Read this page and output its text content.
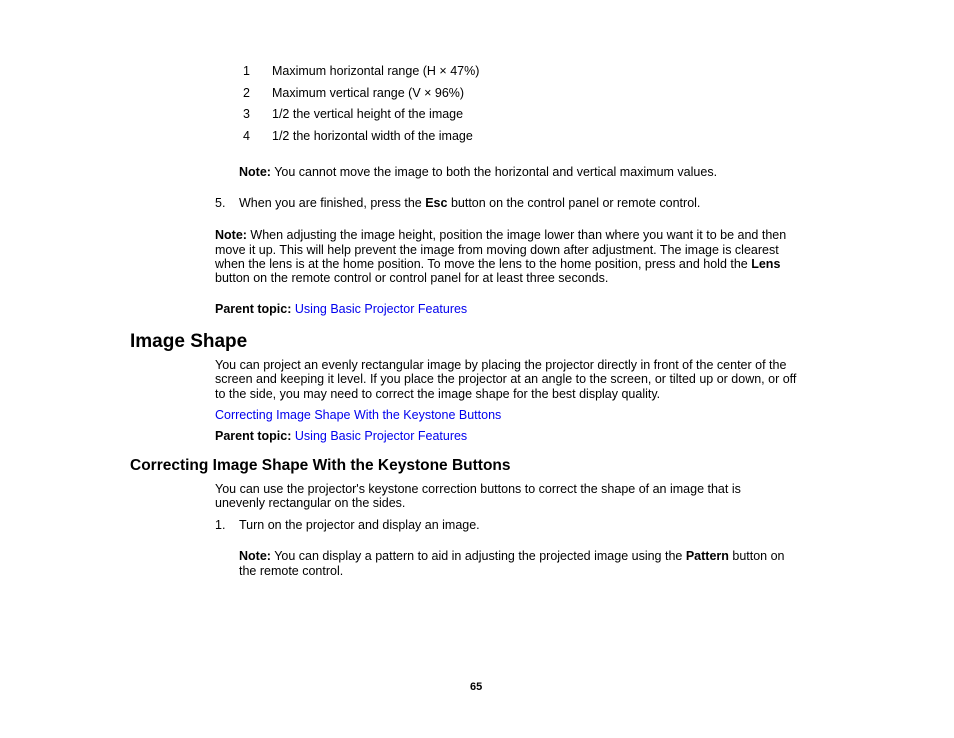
1 Maximum horizontal range (H × 47%)
2 Maximum vertical range (V × 96%)
3 1/2 the vertical height of the image
4 1/2 the horizontal width of the image
Note: You cannot move the image to both the horizontal and vertical maximum values.
5. When you are finished, press the Esc button on the control panel or remote control.
Note: When adjusting the image height, position the image lower than where you want it to be and then
move it up. This will help prevent the image from moving down after adjustment. The image is clearest
when the lens is at the home position. To move the lens to the home position, press and hold the Lens
button on the remote control or control panel for at least three seconds.
Parent topic: Using Basic Projector Features
Image Shape
You can project an evenly rectangular image by placing the projector directly in front of the center of the
screen and keeping it level. If you place the projector at an angle to the screen, or tilted up or down, or off
to the side, you may need to correct the image shape for the best display quality.
Correcting Image Shape With the Keystone Buttons
Parent topic: Using Basic Projector Features
Correcting Image Shape With the Keystone Buttons
You can use the projector's keystone correction buttons to correct the shape of an image that is
unevenly rectangular on the sides.
1. Turn on the projector and display an image.
Note: You can display a pattern to aid in adjusting the projected image using the Pattern button on
the remote control.
65
